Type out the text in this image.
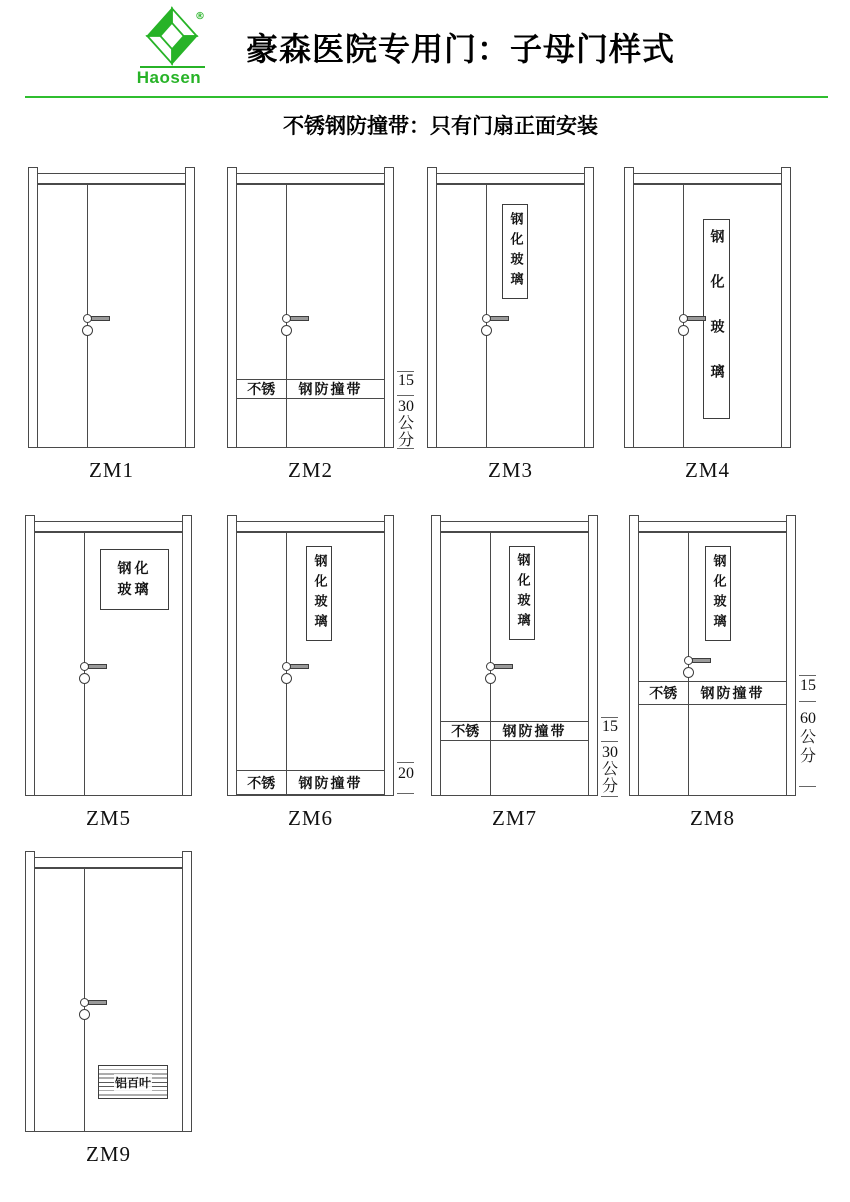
®
Haosen
豪森医院专用门：子母门样式
不锈钢防撞带：只有门扇正面安装
ZM1
不锈	钢防撞带
15
30公分
ZM2
钢化玻璃
ZM3
钢化玻璃
ZM4
钢化玻璃
ZM5
钢化玻璃
不锈	钢防撞带
20
ZM6
钢化玻璃
不锈	钢防撞带	15
30公分
ZM7
钢化玻璃
不锈	钢防撞带	15
60公分
ZM8
铝百叶
ZM9
